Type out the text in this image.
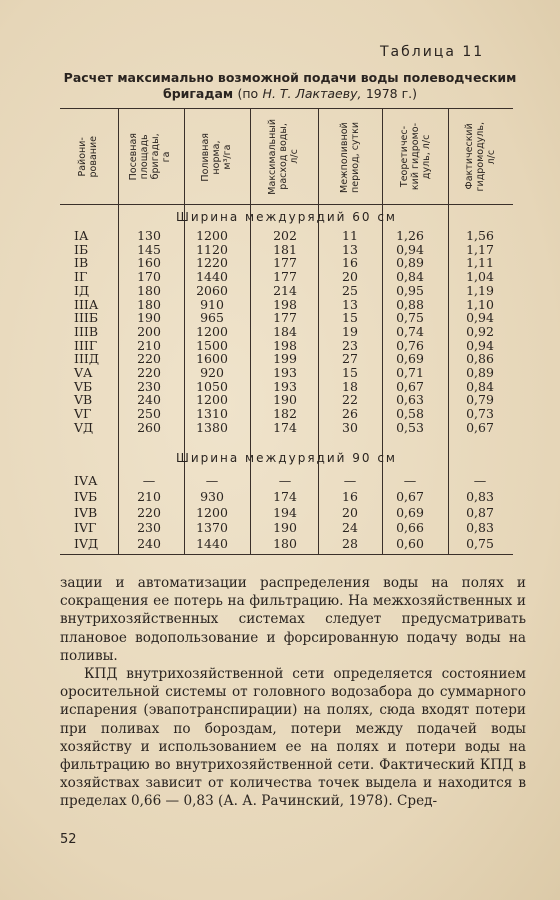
Таблица 11
Расчет максимально возможной подачи воды полеводческим
бригадам (по Н. Т. Лактаеву, 1978 г.)
Райони-
рование	Посевная
площадь
бригады,
га	Поливная
норма,
м³/га	Максимальный
расход воды,
л/с	Межполивной
период, сутки	Теоретичес-
кий гидромо-
дуль, л/с	Фактический
гидромодуль,
л/с
Ширина междурядий 60 см
IА	130	1200	202	11	1,26	1,56
IБ	145	1120	181	13	0,94	1,17
IВ	160	1220	177	16	0,89	1,11
IГ	170	1440	177	20	0,84	1,04
IД	180	2060	214	25	0,95	1,19
IIIА	180	910	198	13	0,88	1,10
IIIБ	190	965	177	15	0,75	0,94
IIIВ	200	1200	184	19	0,74	0,92
IIIГ	210	1500	198	23	0,76	0,94
IIIД	220	1600	199	27	0,69	0,86
VА	220	920	193	15	0,71	0,89
VБ	230	1050	193	18	0,67	0,84
VВ	240	1200	190	22	0,63	0,79
VГ	250	1310	182	26	0,58	0,73
VД	260	1380	174	30	0,53	0,67
Ширина междурядий 90 см
IVА	—	—	—	—	—	—
IVБ	210	930	174	16	0,67	0,83
IVВ	220	1200	194	20	0,69	0,87
IVГ	230	1370	190	24	0,66	0,83
IVД	240	1440	180	28	0,60	0,75

зации и автоматизации распределения воды на полях и сокращения ее потерь на фильтрацию. На межхозяйственных и внутрихозяйственных системах следует предусматривать плановое водопользование и форсированную подачу воды на поливы.

КПД внутрихозяйственной сети определяется состоянием оросительной системы от головного водозабора до суммарного испарения (эвапотранспирации) на полях, сюда входят потери при поливах по бороздам, потери между подачей воды хозяйству и использованием ее на полях и потери воды на фильтрацию во внутрихозяйственной сети. Фактический КПД в хозяйствах зависит от количества точек выдела и находится в пределах 0,66 — 0,83 (А. А. Рачинский, 1978). Сред-

52
